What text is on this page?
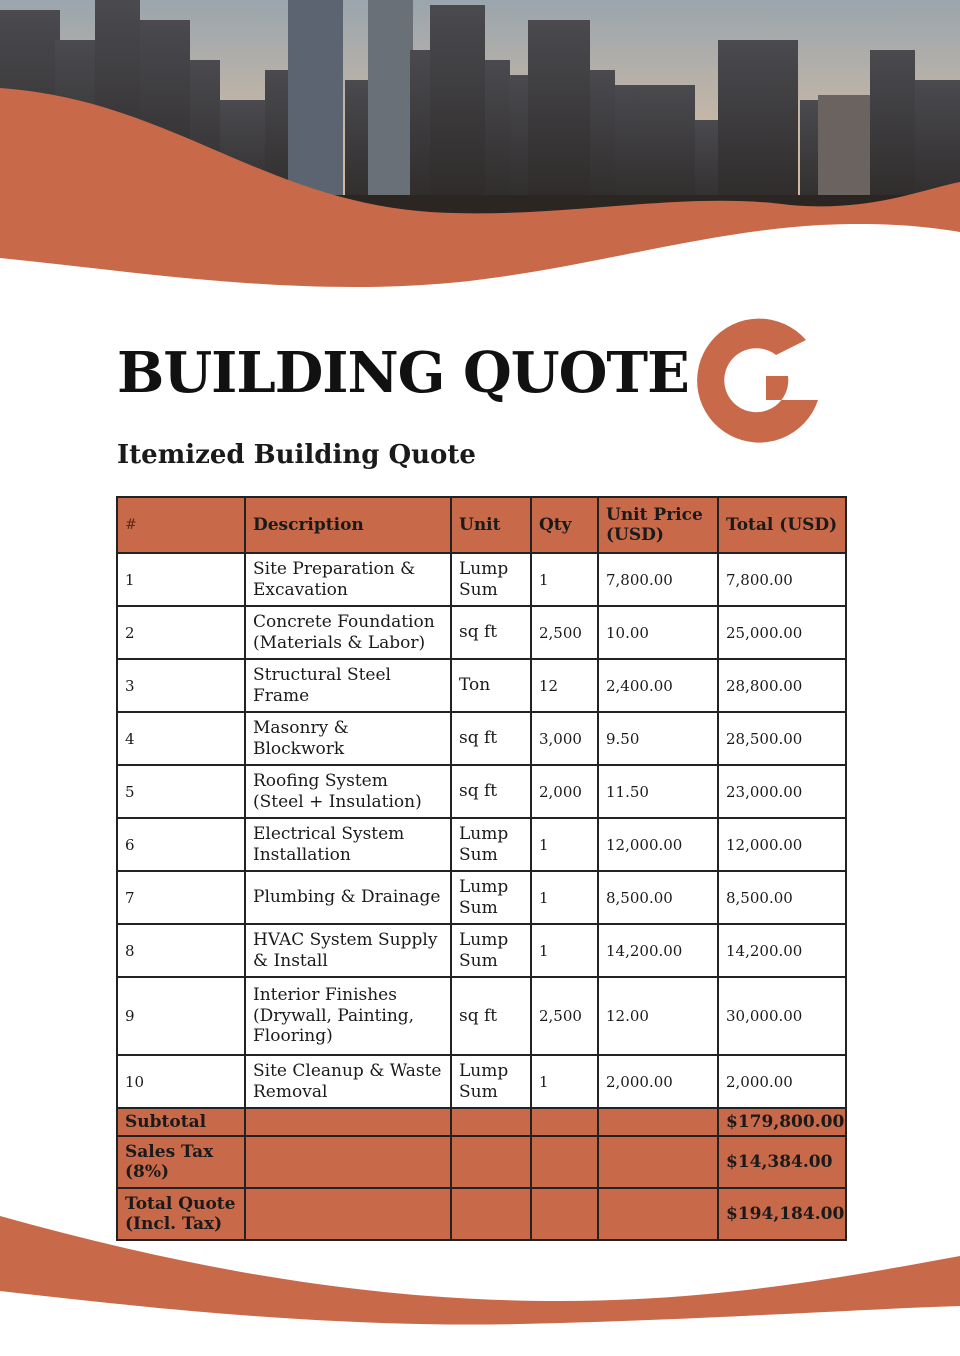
BUILDING QUOTE
Itemized Building Quote
#	Description	Unit	Qty	Unit Price (USD)	Total (USD)
1	Site Preparation & Excavation	Lump Sum	1	7,800.00	7,800.00
2	Concrete Foundation (Materials & Labor)	sq ft	2,500	10.00	25,000.00
3	Structural Steel Frame	Ton	12	2,400.00	28,800.00
4	Masonry & Blockwork	sq ft	3,000	9.50	28,500.00
5	Roofing System (Steel + Insulation)	sq ft	2,000	11.50	23,000.00
6	Electrical System Installation	Lump Sum	1	12,000.00	12,000.00
7	Plumbing & Drainage	Lump Sum	1	8,500.00	8,500.00
8	HVAC System Supply & Install	Lump Sum	1	14,200.00	14,200.00
9	Interior Finishes (Drywall, Painting, Flooring)	sq ft	2,500	12.00	30,000.00
10	Site Cleanup & Waste Removal	Lump Sum	1	2,000.00	2,000.00
Subtotal					$179,800.00
Sales Tax (8%)					$14,384.00
Total Quote (Incl. Tax)					$194,184.00
